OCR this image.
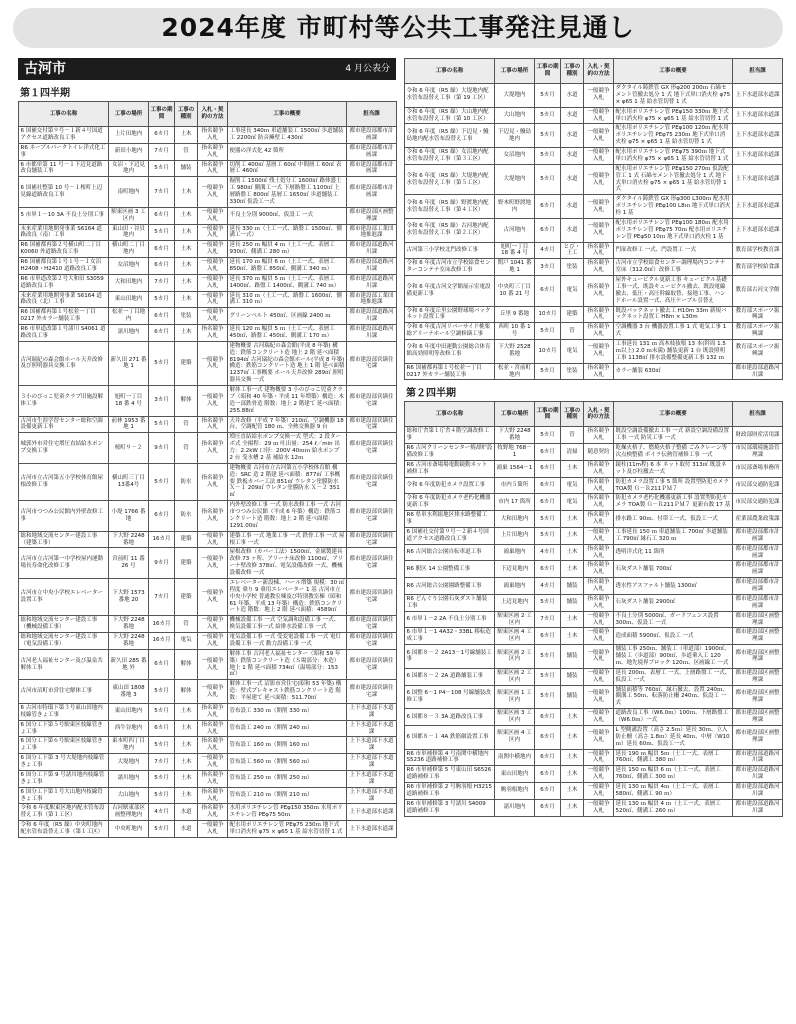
2024年度 市町村等公共工事発注見通し
古河市	4 月公表分
第１四半期
工事の名称	工事の場所	工事の期間	工事の種別	入札・契約の方法	工事の概要	担当課
6 国補交付第９号－１新４号国道アクセス道路改良工事	上片田地内	6カ月	土木	指名競争入札	工事延長 340ｍ 車道舗装工 1500㎡ 歩道舗装工 2200㎡ 防音擁壁工 430㎡	都市建設部都市計画課
R6 ネーブルパークトイレ洋式化工事	新田小地内	7カ月	管	指名競争入札	便器の洋式化 42 箇所	都市建設部都市計画課
6 市都単第 11 号－１下辺見道路改良舗装工事	女沼・下辺見地内	5カ月	舗装	指名競争入札	切削工 400㎡ 基層工 60㎡ 中間層工 60㎡ 表層工 460㎡	都市建設部都市計画課
6 国補社整第 10 号－１桜町上辺見線道路改良工事	南町地内	7カ月	土木	一般競争入札	掘削工 1500㎡ 残土処分工 1600㎥ 路体盛土工 980㎥ 側溝工一式 下層路盤工 1100㎡ 上層路盤工 800㎡ 基層工 1650㎡ 歩道舗装工 330㎡ 仮設工一式	都市建設部都市計画課
5 市単１－10 3A 不良土分別工事	駅東区画 3 工区内	6カ月	土木	一般競争入札	不良土分別 9000㎥、仮設工 一式	都市建設部区画整理課
末来産業用地開発事業 S6164 道路改良（南）工事	東山田・谷貝地内	5カ月	土木	一般競争入札	延長 330 ｍ（土工一式、路盤工 1500㎡、側溝工一式）	都市建設部工業団地推進課
R6 国補都再第２号横山町二丁目 K0060 外道路改良工事	横山町二丁目地内	6カ月	土木	一般競争入札	延長 250 ｍ 幅員 4 ｍ（土工一式、表層工 930㎡、側溝工 280 ｍ）	都市建設部道路河川課
R6 国補都良第１号１号－１女沼 H2408・H2410 道路改良工事	女沼地内	6カ月	土木	一般競争入札	延長 170 ｍ 幅員 6 ｍ（土工一式、表層工 850㎡、路盤工 850㎡、側溝工 340 ｍ）	都市建設部道路河川課
R6 市単道改第２号大和田 S3059 道路改良工事	大和田地内	7カ月	土木	一般競争入札	延長 370 ｍ 幅員 5 ｍ（土工一式、表層工 1400㎡、路盤工 1400㎡、側溝工 740 ｍ）	都市建設部道路河川課
未来産業用地開発事業 S6164 道路改良（北）工事	東山田地内	5カ月	土木	一般競争入札	延長 310 ｍ（土工一式、路盤工 1600㎡、側溝工 310 ｍ）	都市建設部工業団地推進課
R6 国補都再第１号松並一丁目 0217 外カラー舗装工事	松並一丁目地内	6カ月	塗装	一般競争入札	グリーンベルト 450㎡、区画線 2400 ｍ	都市建設部道路河川課
R6 市単道改第１号諸川 S4061 道路改良工事	諸川地内	6カ月	土木	指名競争入札	延長 120 ｍ 幅員 5 ｍ（土工一式、表層工 450㎡、路盤工 450㎡、側溝工 170 ｍ）	都市建設部道路河川課
古河瑞紀の森会館ホール天井改修及び照明器具交換工事	新久田 271 番地 1	5カ月	建築	一般競争入札	建物概要 古河瑞紀の森会館(平成 8 年築) 構造：鉄筋コンクリート造 地上 2 階 延べ面積 8194㎡ 古河瑞紀の森会館ホール(平成 8 年築) 構造：鉄筋コンクリート造 地上 1 階 延べ面積 1237㎡ 工事概要 ホール天井改修 289㎡ 照明器具交換 一式	都市建設部営繕住宅課
３小のびっこ児童クラブ旧施設解体工事	旭町一丁目 18 番 4 号	3カ月	解体	一般競争入札	解体工事一式 建物概要 3 小のびっこ児童クラブ（昭和 40 年築・平成 11 年増築）構造：木造一部鉄骨造 階数：地上 2 階建て 延べ面積：255.88㎡	都市建設部営繕住宅課
古河市生涯学習センター総和空調設備更新工事	前林 1953 番地 1	5カ月	管	指名競争入札	天井改修（平成 7 年築）210㎡、空調機器 18 台、空調配管 180 ｍ、全熱交換器 9 台	都市建設部営繕住宅課
城郭外市営住宅増圧直結給水ポンプ交換工事	桜町９－２	9カ月	管	指名競争入札	増圧直結給水ポンプ交換一式 型式：2 段ターボ式 全揚程：29 ｍ 吐出量：254 ℓ／min 出力：2.2kW 口径：200V 40ｍｍ 給水ポンプ 2 台 受水槽 2 基 補給水 12ｍ	都市建設部営繕住宅課
古河市立古河第五小学校体育館屋根改修工事	横山町三丁目13番4号	5カ月	防水	指名競争入札	建物概要 古河市立古河第五小学校体育館 構造：SRC 造 2 階建 延べ面積：877㎡ 工事概要 鉄板カバー工法 851㎡ ウレタン塗膜防水 Ｘ－１ 209㎡ ウレタン塗膜防水 Ｘ－２ 351㎡	都市建設部営繕住宅課
古河市つつみ公民館内外壁改修工事	小堤 1766 番地	6カ月	防水	指名競争入札	内外壁改修工事 一式 防水改修工事 一式 古河市つつみ公民館（平成 6 年築）構造：鉄筋コンクリート造 階数：地上 2 階 延べ面積：1291.00㎡	都市建設部営繕住宅課
総和地域交流センター建設工事（建築工事）	下大野 2248 番地	16カ月	建築	一般競争入札	建築工事 一式 地業工事 一式 鉄骨工事 一式 屋根工事 一式	都市建設部営繕住宅課
古河市立古河第一中学校屋内運動場長寿命化改修工事	宮前町 11 番 26 号	9カ月	建築	一般競争入札	屋根改修（カバー工法）1500㎡、金属製建具改修 73 ヶ所、アリーナ床改修 1100㎡、アリーナ壁改修 378㎡、電気設備改修 一式、機械設備改修 一式	都市建設部営繕住宅課
古河市立中央小学校エレベーター設置工事	下大野 1573 番地 20	7カ月	建築	一般競争入札	エレベーター新設棟、ハール増築 規模：30 ㎡程度 乗り 9 乗用エレベーター 1 基 古河市立中央小学校 普通教室棟及び特別教室棟（昭和 61 年築、平成 13 年築）構造：鉄筋コンクリート造 階数：地上 2 階 延べ面積：4589㎡	都市建設部営繕住宅課
総和地域交流センター建設工事（機械設備工事）	下大野 2248 番地	16カ月	管	一般競争入札	機械設備工事 一式 空気調和設備工事 一式、換気設備工事一式 給排水設備工事 一式	都市建設部営繕住宅課
総和地域交流センター建設工事（電気設備工事）	下大野 2248 番地	16カ月	電気	一般競争入札	電気設備工事 一式 受変電設備工事 一式 電灯設備工事 一式 動力設備工事 一式	都市建設部営繕住宅課
古河老人福祉センター及び温泉共解体工事	新久田 285 番地 外	6カ月	解体	一般競争入札	解体工事 古河老人福祉センター（昭和 59 年築）鉄筋コンクリート造（Ｓ場部分：木造）地上 1 階 延べ面積 734㎡（温場部分：153㎡）	都市建設部営繕住宅課
古河市沼町市営住宅解体工事	東山田 1808 番地 3	5カ月	解体	一般競争入札	解体工事一式 沼影市営住宅(昭和 53 年築) 構造：壁式プレキャスト鉄筋コンクリート造 階数：平屋建て 延べ面積：511.70㎡	都市建設部営繕住宅課
6 古河市特環下第３号東山田地内枝線管きょ工事	東山田地内	5カ月	土木	指名競争入札	管布設工 330 ｍ（開削 330 ｍ）	上下水道部下水道課
6 国分工下第５号駅東区枝線管きょ工事	西牛谷地内	6カ月	土木	指名競争入札	管布設工 240 ｍ（開削 240 ｍ）	上下水道部下水道課
6 国分工下第６号駅東区枝線管きょ工事	東本町四丁目地内	5カ月	土木	指名競争入札	管布設工 160 ｍ（開削 160 ｍ）	上下水道部下水道課
6 国分工下第 3 号大堤地内枝線管きょ工事	大堤地内	7カ月	土木	一般競争入札	管布設工 560 ｍ（開削 560 ｍ）	上下水道部下水道課
6 国分工下第 9 号諸川地内枝線管きょ工事	諸川地内	5カ月	土木	指名競争入札	管布設工 250 ｍ（開削 250 ｍ）	上下水道部下水道課
6 国分工下第１号大山地内枝線管きょ工事	大山地内	5カ月	土木	指名競争入札	管布設工 210 ｍ（開削 210 ｍ）	上下水道部下水道課
令和 6 年度駅東区地内配水管布設替え工事（第１工区）	古河駅東部区画整理地内	4カ月	水道	指名競争入札	水用ポリエチレン管 PEφ150 350ｍ 水用ポリエチレン管 PEφ75 50ｍ	上下水道部水道課
令和 6 年度（R5 繰）中央町地内配水管布設替え工事（第１工区）	中央町地内	5カ月	水道	一般競争入札	配水用ポリエチレン管 PEφ75 230ｍ 地下式単口消火栓 φ75 × φ65 1 基 給水管切替 1 式	上下水道部水道課
工事の名称	工事の場所	工事の期間	工事の種別	入札・契約の方法	工事の概要	担当課
令和 6 年度（R5 繰）大堤地内配水管布設替え工事（第 19 工区）	大堤地内	5カ月	水道	一般競争入札	ダクタイル鋳鉄管 GX 形φ200 200ｍ 石綿セメント管撤去処分 1 式 地下式単口消火栓 φ75 × φ65 1 基 給水管切替 1 式	上下水道部水道課
令和 6 年度（R5 繰）大山地内配水管布設替え工事（第 10 工区）	大山地内	5カ月	水道	一般競争入札	配水用ポリエチレン管 PEφ150 330ｍ 地下式単口消火栓 φ75 × φ65 1 基 給水管切替 1 式	上下水道部水道課
令和 6 年度（R5 繰）下辺見・鰻島地内配水管布設替え工事	下辺見・鰻島地内	5カ月	水道	一般競争入札	配水用ポリエチレン管 PEφ100 120ｍ 配水用ポリエチレン管 PEφ75 230ｍ 地下式単口消火栓 φ75 × φ65 1 基 給水管切替 1 式	上下水道部水道課
令和 6 年度（R5 繰）女沼地内配水管布設替え工事（第３工区）	女沼地内	5カ月	水道	一般競争入札	配水用ポリエチレン管 PEφ75 390ｍ 地下式単口消火栓 φ75 × φ65 1 基 給水管切替 1 式	上下水道部水道課
令和 6 年度（R5 繰）大堤地内配水管布設替え工事（第５工区）	大堤地内	5カ月	水道	一般競争入札	配水用ポリエチレン管 PEφ150 270ｍ 仮設配管工 1 式 石綿セメント管撤去処分 1 式 地下式単口消火栓 φ75 × φ65 1 基 給水管切替 1 式	上下水道部水道課
令和 6 年度（R5 繰）野渡地内配水管布設替え工事（第４工区）	野木町野渡地内	6カ月	水道	一般競争入札	ダクタイル鋳鉄管 GX 形φ300 L300ｍ 配水用ポリエチレン管 PEφ100 L8ｍ 地下式単口消火栓 1 基	上下水道部水道課
令和 6 年度（R5 繰）古河地内配水管布設替え工事（第２工区）	古河地内	6カ月	水道	一般競争入札	配水用ポリエチレン管 PEφ100 180ｍ 配水用ポリエチレン管 PEφ75 70ｍ 配水用ポリエチレン管 PEφ50 10ｍ 地下式単口消火栓 1 基	上下水道部水道課
古河第三小学校北門改修工事	旭町一丁目 18 番 4 号	4カ月	とび・土工	指名競争入札	門扉改修工 一式、門設置工 一式	教育部学校教育課
令和 6 年度古河市立学校給食センターコンテナ室床改修工事	関戸 1041 番地 1	3カ月	塗装	指名競争入札	古河市立学校給食センター調理場内コンテナ室床（312.0㎡）改修工事	教育部学校給食課
令和 6 年度古河文学館展示室電設備更新工事	中央町三丁目 10 番 21 号	6カ月	電気	指名競争入札	屋外キュービクル更新工事 キュービクル基礎工事一式、既設キュービクル撤去、既設電線撤去、低圧・高圧幹線取替、接地工事、ハンドホール設置一式、高圧ケーブル引替え	教育部古河文学館
令和 6 年度丘里公園野球場バックネット設置工事	丘里 9 番地	10カ月	建築	指名競争入札	既設バックネット撤去工 H10m 33m 新規バックネット設置工 H8m × L30m	教育部スポーツ振興課
令和 6 年度古河リバーサイド桃栗総アリーナホール空調修繕工事	西町 10 番 1 号	5カ月	管	指名競争入札	空調機器 3 台 機器設置工事 1 式 電気工事 1 式	教育部スポーツ振興課
令和 6 年度中田運動公園総合体育館高効照明等改修工事	下大野 2528 番地	10カ月	電気	一般競争入札	工事延長 131 ｍ 高木枝抜根 13 本(幹周 1.5 ｍ以上) 2.0 ｍ未満) 舗装更新 1 台 既設照明工事 1138㎡ 排水設備整備更新工事 132 ｍ	教育部スポーツ振興課
R6 国補都再第１号松並一丁目 0217 外カラー舗装工事	松並・宮前町地内	5カ月	塗装	指名競争入札	カラー舗装 630㎡	都市建設部道路河川課
第２四半期
工事の名称	工事の場所	工事の期間	工事の種別	入札・契約の方法	工事の概要	担当課
総和庁舎第１庁舎４階空調改修工事	下大野 2248 番地	5カ月	管	指名競争入札	既設空調設備撤去工事 一式 新設空調設備設置工事 一式 防災工事 一式	財政部財産活用課
R6 古河クリーンセンター焼却炉設備改修工事	牧野地 768－1	6カ月	清掃	随意契約	乾燥火格子、燃焼火格子整備 ごみクレーン等次点検整備 ボイラ伝熱管補修工事 一式	市民部環境施設管理課
R6 古河市斎場場電動鏡動ネット補修工事	鴻巣 1564－1	6カ月	土木	指名競争入札	鏡柱(11m程) 6 本 ネット取付 313㎡ 既設ネット及び柱撤去一式	市民部斎場事務所
令和 6 年度防犯カメラ設置工事	市内５箇所	6カ月	電気	指名競争入札	防犯カメラ設置工事 5 箇所 設置型防犯カメラ TOA製 Ｇ－Ｒ211ＰＭ７	市民部交通防犯課
令和 6 年度防犯カメラ老朽化機器更新工事	市内 17 箇所	6カ月	電気	指名競争入札	防犯カメラ老朽化機器更新工事 設置型防犯カメラ TOA製 Ｇ－Ｒ211ＰＭ７ 更新台数 17 基	市民部交通防犯課
R6 県単水利組地区排水路整備工事	大和田地内	5カ月	土木	指名競争入札	排水路工 90ｍ、付帯工一式、仮設工一式	産業部農業政策課
6 国補社交付第９号－２新４号国道アクセス道路改良工事	上片田地内	5カ月	土木	一般競争入札	工事延長 150 ｍ 車道舗装工 700㎡ 歩道舗装工 790㎡ 縁石工 320 ｍ	都市建設部都市計画課
R6 古河総合公園自転車道工事	鴻巣地内	4カ月	土木	指名競争入札	透明洋式化 11 箇所	都市建設部都市計画課
R6 駅区 14 公園整備工事	下辺見地内	6カ月	土木	指名競争入札	石灰ダスト舗装 700㎡	都市建設部都市計画課
R6 古河総合公園園路整備工事	鴻巣地内	4カ月	舗装	指名競争入札	透水性アスファルト舗装 1300㎡	都市建設部都市計画課
R6 どんぐり公園石灰ダスト舗装工事	上辺見地内	5カ月	舗装	指名競争入札	石灰ダスト舗装 2900㎡	都市建設部都市計画課
6 市単１－2 2A 不良土分別工事	駅東区画 2 工区内	7カ月	土木	一般競争入札	不良土分別 5000㎡、ガードフェンス設置 300ｍ、仮設工 一式	都市建設部区画整理課
6 市単１－1 4A32・33BL 移転造成工事	駅東区画 4 工区内	6カ月	土木	一般競争入札	造成面積 5900㎡、仮設工 一式	都市建設部区画整理課
6 国都８－２ 2A13－1号線舗装工事	駅東区画 2 工区内	5カ月	舗装	一般競争入札	舗装工事 250ｍ、舗装工（車道部）1900㎡、舗装工（歩道部）900㎡、歩道乗入工 120ｍ、地先境界ブロック 120ｍ、区画線工 一式	都市建設部区画整理課
6 国都８－２ 2A 道路舗装工事	駅東区画 2 工区内	5カ月	舗装	一般競争入札	延長 200ｍ、表層工 一式、上層路盤工 一式、仮設工 一式	都市建設部区画整理課
6 国整 6－1 P4－108 号線舗装改修工事	駅東区画 1 工区内	5カ月	舗装	一般競争入札	舗装面積等 760㎡、縁石撤去、設置 240ｍ、側溝工 50ｍ、転落防止柵 240ｍ、仮設工 一式	都市建設部区画整理課
6 国都８－３ 3A 道路改良工事	駅東区画 3 工区内	6カ月	土木	一般競争入札	道路改良工事（W6.0ｍ）100ｍ、下層路盤工（W6.0ｍ）一式	都市建設部区画整理課
6 国都８－１ 4A 鉄筋網設置工事	駅東区画 4 工区内	6カ月	土木	一般競争入札	L 型側溝設置（高さ 2.5ｍ）延長 30ｍ、立入防止柵（高さ 1.8ｍ）延長 40ｍ、中層（W10ｍ）延長 60ｍ、仮設工一式	都市建設部区画整理課
R6 市単補修第 4 号南関中横地内 S5236 道路補修工事	南関中横地内	6カ月	土木	一般競争入札	延長 190 ｍ 幅員 5ｍ（土工一式、表層工 760㎡、側溝工 380 ｍ）	都市建設部道路河川課
R6 市単補修第 5 号東山田 S6526 道路補修工事	東山田地内	6カ月	土木	一般競争入札	延長 150 ｍ 幅員 6 ｍ（土工一式、表層工 760㎡、側溝工 300 ｍ）	都市建設部道路河川課
R6 市単補修第 2 号駒羽根 H3215 道路補修工事	駒羽根地内	6カ月	土木	一般競争入札	延長 130 ｍ 幅員 4ｍ（土工一式、表層工 580㎡、側溝工 90 ｍ）	都市建設部道路河川課
R6 市単補修第 3 号諸川 S4009 道路補修工事	諸川地内	6カ月	土木	一般競争入札	延長 130 ｍ 幅員 4 ｍ（土工一式、表層工 520㎡、側溝工 260 ｍ）	都市建設部道路河川課
